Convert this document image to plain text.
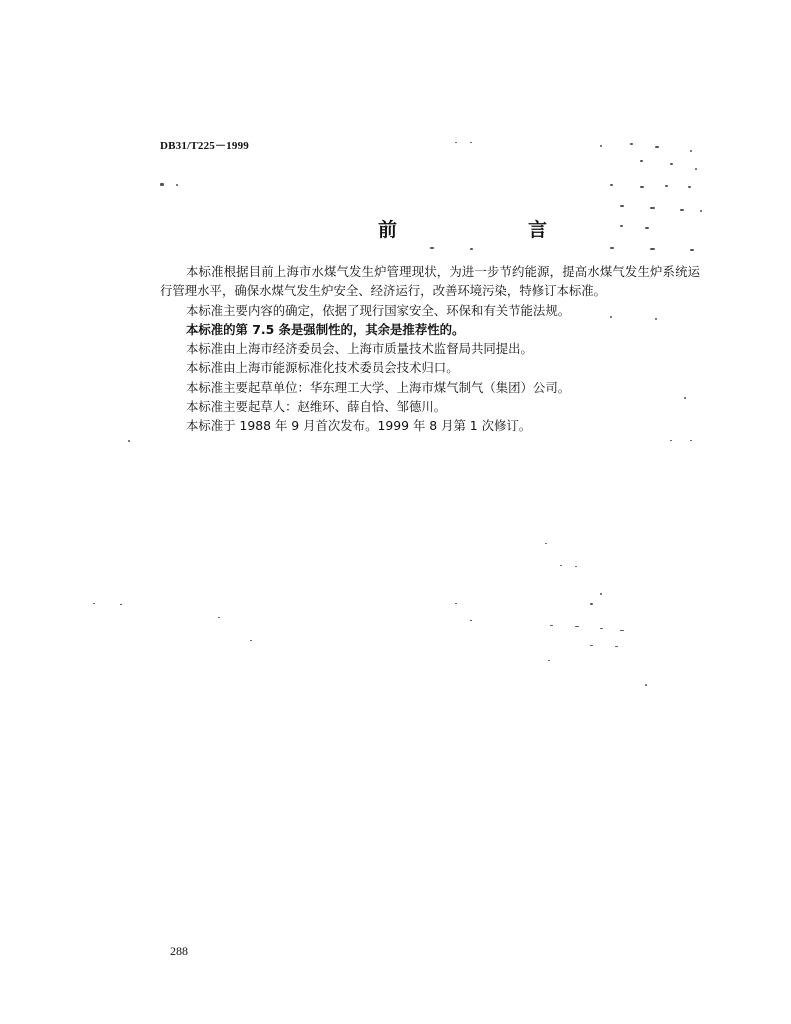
DB31/T225－1999
前　言

本标准根据目前上海市水煤气发生炉管理现状，为进一步节约能源，提高水煤气发生炉系统运行管理水平，确保水煤气发生炉安全、经济运行，改善环境污染，特修订本标准。

本标准主要内容的确定，依据了现行国家安全、环保和有关节能法规。

本标准的第 7.5 条是强制性的，其余是推荐性的。

本标准由上海市经济委员会、上海市质量技术监督局共同提出。

本标准由上海市能源标准化技术委员会技术归口。

本标准主要起草单位：华东理工大学、上海市煤气制气（集团）公司。

本标准主要起草人：赵维环、薛自恰、邹德川。

本标准于 1988 年 9 月首次发布。1999 年 8 月第 1 次修订。

288
